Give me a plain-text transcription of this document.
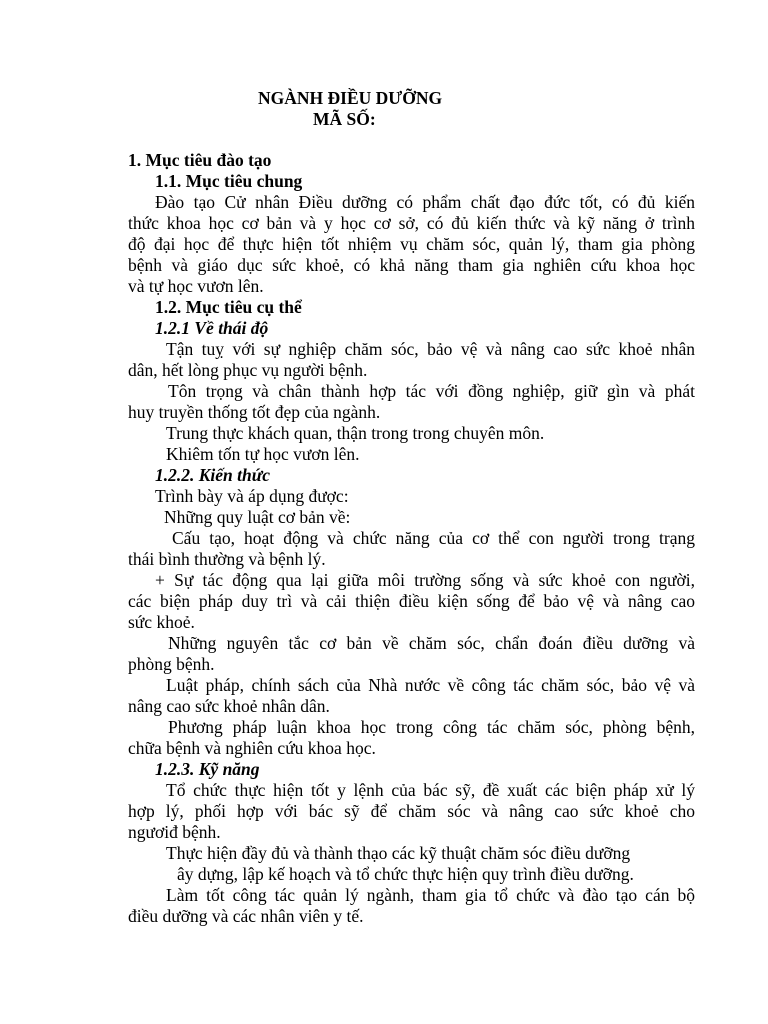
NGÀNH ĐIỀU DƯỠNG
MÃ SỐ:
1. Mục tiêu đào tạo
1.1. Mục tiêu chung
Đào tạo Cử nhân Điều dưỡng có phẩm chất đạo đức tốt, có đủ kiến
thức khoa học cơ bản và y học cơ sở, có đủ kiến thức và kỹ năng ở trình
độ đại học để thực hiện tốt nhiệm vụ chăm sóc, quản lý, tham gia phòng
bệnh và giáo dục sức khoẻ, có khả năng tham gia nghiên cứu khoa học
và tự học vươn lên.
1.2. Mục tiêu cụ thể
1.2.1 Về thái độ
Tận tuỵ với sự nghiệp chăm sóc, bảo vệ và nâng cao sức khoẻ nhân
dân, hết lòng phục vụ người bệnh.
Tôn trọng và chân thành hợp tác với đồng nghiệp, giữ gìn và phát
huy truyền thống tốt đẹp của ngành.
Trung thực khách quan, thận trong trong chuyên môn.
Khiêm tốn tự học vươn lên.
1.2.2. Kiến thức
Trình bày và áp dụng được:
Những quy luật cơ bản về:
Cấu tạo, hoạt động và chức năng của cơ thể con người trong trạng
thái bình thường và bệnh lý.
+ Sự tác động qua lại giữa môi trường sống và sức khoẻ con người,
các biện pháp duy trì và cải thiện điều kiện sống để bảo vệ và nâng cao
sức khoẻ.
Những nguyên tắc cơ bản về chăm sóc, chẩn đoán điều dưỡng và
phòng bệnh.
Luật pháp, chính sách của Nhà nước về công tác chăm sóc, bảo vệ và
nâng cao sức khoẻ nhân dân.
Phương pháp luận khoa học trong công tác chăm sóc, phòng bệnh,
chữa bệnh và nghiên cứu khoa học.
1.2.3. Kỹ năng
Tổ chức thực hiện tốt y lệnh của bác sỹ, đề xuất các biện pháp xử lý
hợp lý, phối hợp với bác sỹ để chăm sóc và nâng cao sức khoẻ cho
ngươiđ bệnh.
Thực hiện đầy đủ và thành thạo các kỹ thuật chăm sóc điều dưỡng
ây dựng, lập kế hoạch và tổ chức thực hiện quy trình điều dưỡng.
Làm tốt công tác quản lý ngành, tham gia tổ chức và đào tạo cán bộ
điều dưỡng và các nhân viên y tế.
